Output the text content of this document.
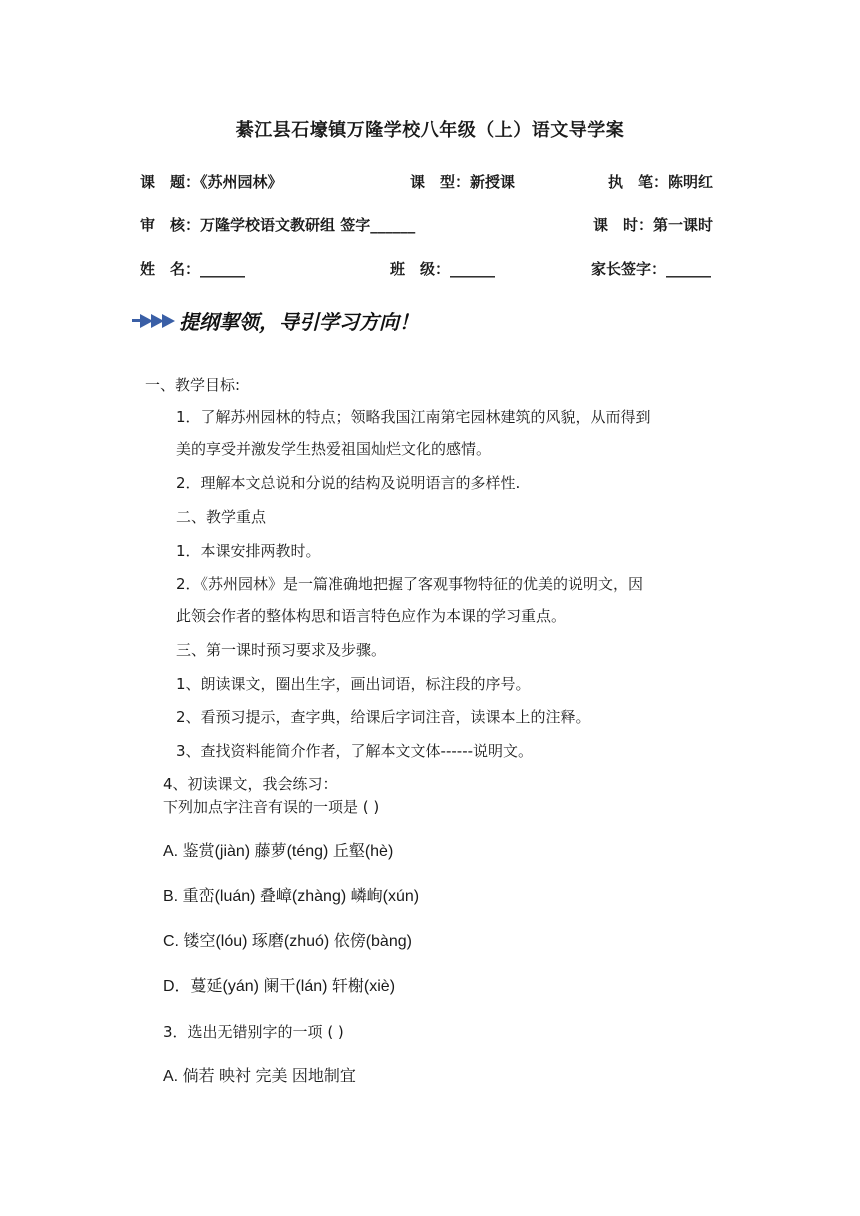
綦江县石壕镇万隆学校八年级（上）语文导学案
课　题：《苏州园林》	课　型：新授课	执　笔：陈明红
审　核：万隆学校语文教研组 签字______	课　时：第一课时
姓　名：______	班　级：______	家长签字：______
提纲挈领，导引学习方向！
一、教学目标:
1．了解苏州园林的特点；领略我国江南第宅园林建筑的风貌，从而得到
美的享受并激发学生热爱祖国灿烂文化的感情。
2．理解本文总说和分说的结构及说明语言的多样性.
二、教学重点
1．本课安排两教时。
2．《苏州园林》是一篇准确地把握了客观事物特征的优美的说明文，因
此领会作者的整体构思和语言特色应作为本课的学习重点。
三、第一课时预习要求及步骤。
1、朗读课文，圈出生字，画出词语，标注段的序号。
2、看预习提示，查字典，给课后字词注音，读课本上的注释。
3、查找资料能简介作者，了解本文文体------说明文。
4、初读课文，我会练习：
下列加点字注音有误的一项是 ( )
A. 鉴赏(jiàn) 藤萝(téng) 丘壑(hè)
B. 重峦(luán) 叠嶂(zhàng) 嶙峋(xún)
C. 镂空(lóu) 琢磨(zhuó) 依傍(bàng)
D．蔓延(yán) 阑干(lán) 轩榭(xiè)
3．选出无错别字的一项 ( )
A. 倘若 映衬 完美 因地制宜
